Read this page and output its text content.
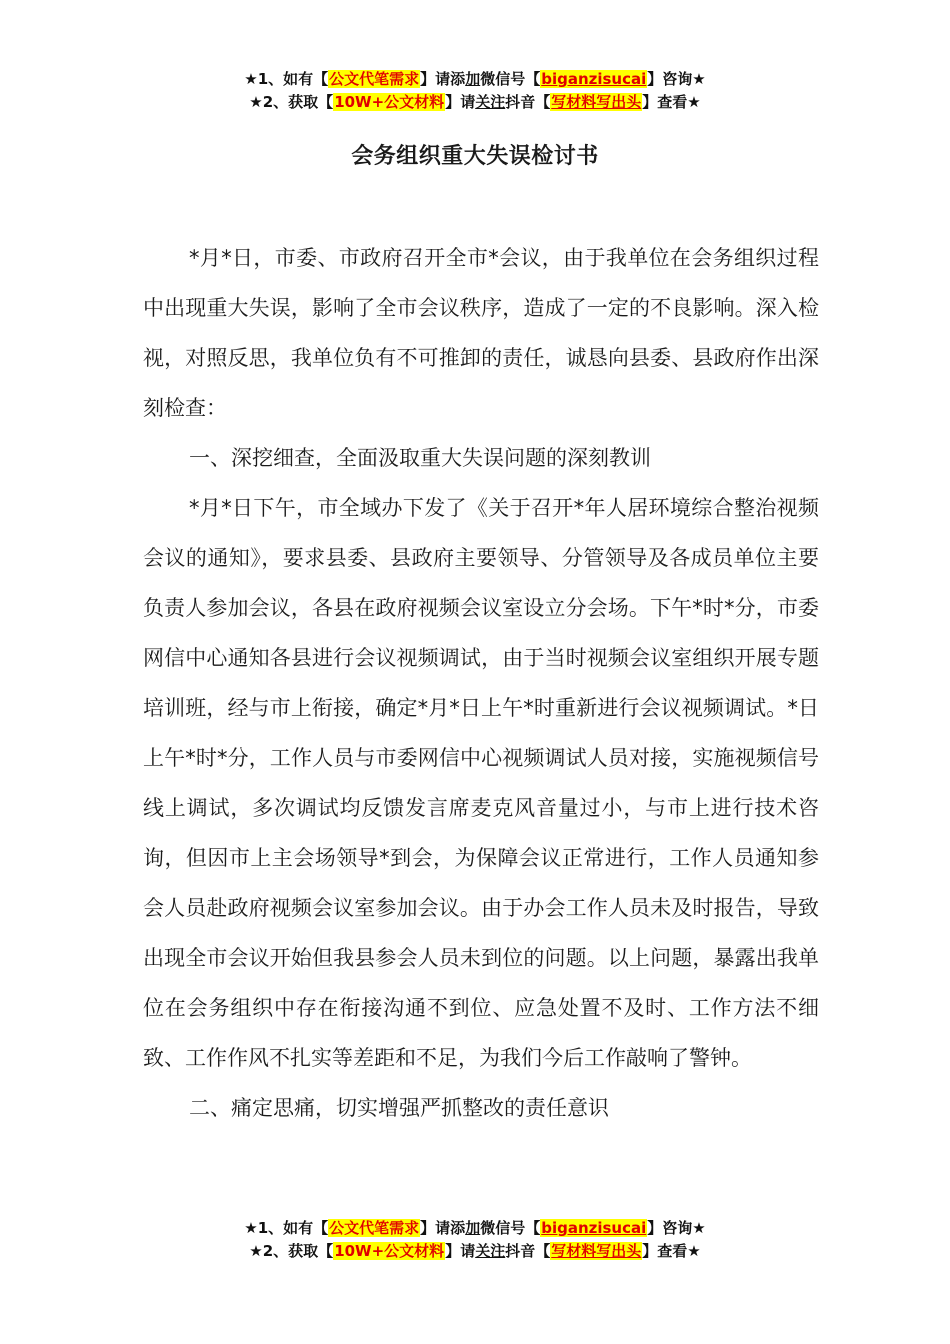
★1、如有【公文代笔需求】请添加微信号【biganzisucai】咨询★
★2、获取【10W+公文材料】请关注抖音【写材料写出头】查看★
会务组织重大失误检讨书

*月*日，市委、市政府召开全市*会议，由于我单位在会务组织过程中出现重大失误，影响了全市会议秩序，造成了一定的不良影响。深入检视，对照反思，我单位负有不可推卸的责任，诚恳向县委、县政府作出深刻检查：

一、深挖细查，全面汲取重大失误问题的深刻教训

*月*日下午，市全域办下发了《关于召开*年人居环境综合整治视频会议的通知》，要求县委、县政府主要领导、分管领导及各成员单位主要负责人参加会议，各县在政府视频会议室设立分会场。下午*时*分，市委网信中心通知各县进行会议视频调试，由于当时视频会议室组织开展专题培训班，经与市上衔接，确定*月*日上午*时重新进行会议视频调试。*日上午*时*分，工作人员与市委网信中心视频调试人员对接，实施视频信号线上调试，多次调试均反馈发言席麦克风音量过小，与市上进行技术咨询，但因市上主会场领导*到会，为保障会议正常进行，工作人员通知参会人员赴政府视频会议室参加会议。由于办会工作人员未及时报告，导致出现全市会议开始但我县参会人员未到位的问题。以上问题，暴露出我单位在会务组织中存在衔接沟通不到位、应急处置不及时、工作方法不细致、工作作风不扎实等差距和不足，为我们今后工作敲响了警钟。

二、痛定思痛，切实增强严抓整改的责任意识

★1、如有【公文代笔需求】请添加微信号【biganzisucai】咨询★
★2、获取【10W+公文材料】请关注抖音【写材料写出头】查看★
